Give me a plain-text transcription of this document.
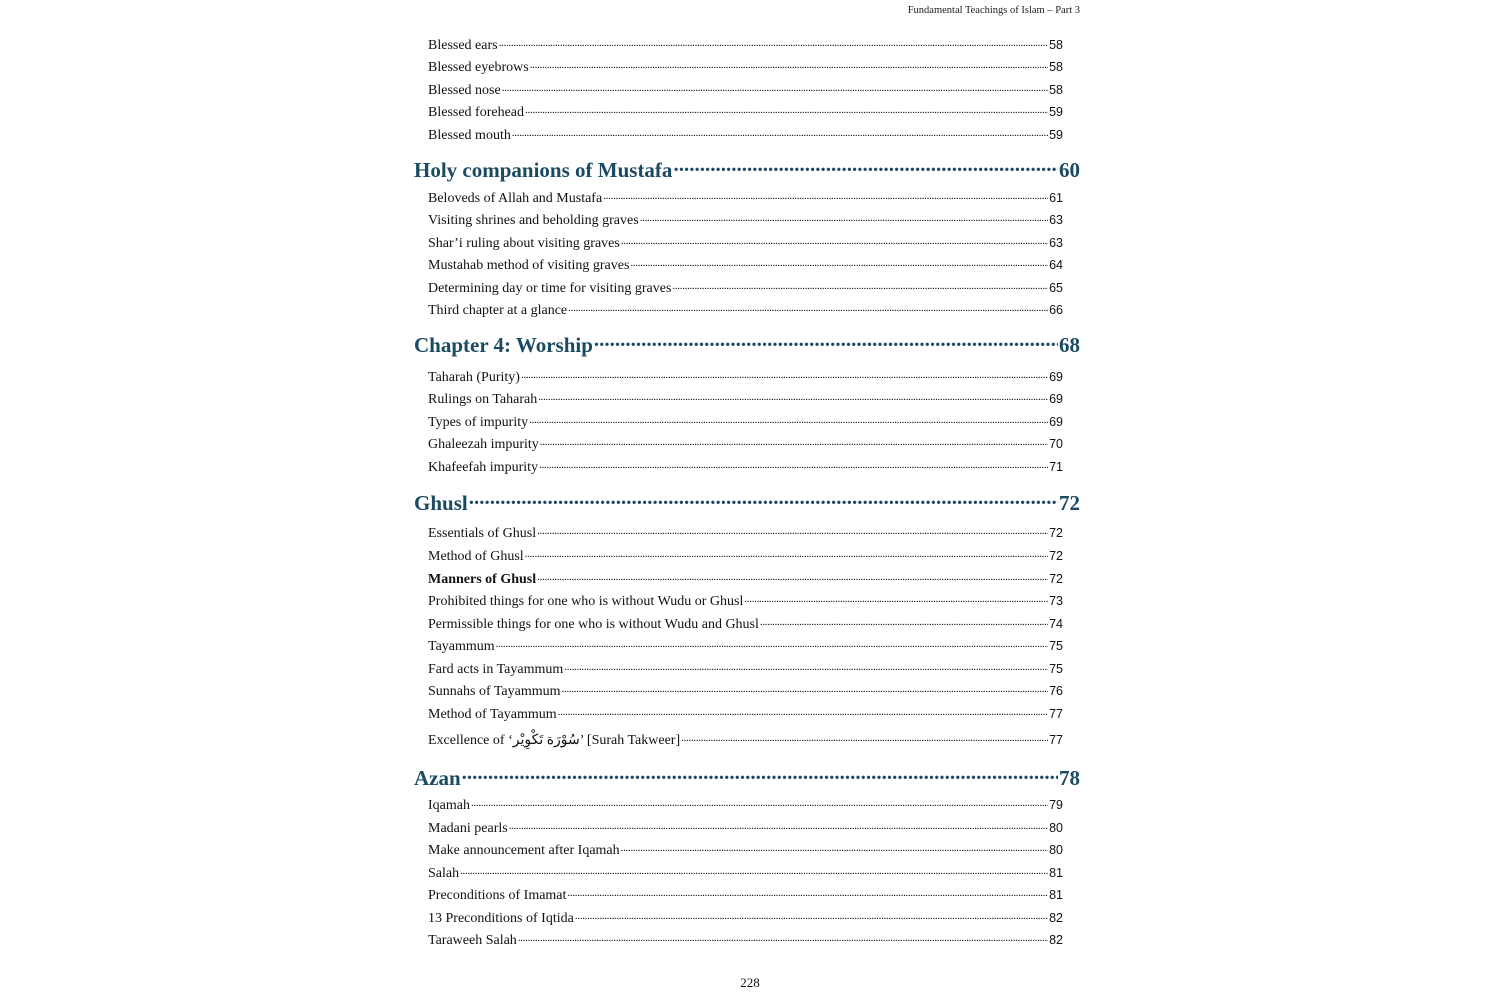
Fundamental Teachings of Islam – Part 3
Blessed ears .....	58
Blessed eyebrows .....	58
Blessed nose .....	58
Blessed forehead .....	59
Blessed mouth .....	59
Holy companions of Mustafa .....	60
Beloveds of Allah and Mustafa .....	61
Visiting shrines and beholding graves .....	63
Shar’i ruling about visiting graves .....	63
Mustahab method of visiting graves .....	64
Determining day or time for visiting graves .....	65
Third chapter at a glance .....	66
Chapter 4: Worship .....	68
Taharah (Purity) .....	69
Rulings on Taharah .....	69
Types of impurity .....	69
Ghaleezah impurity .....	70
Khafeefah impurity .....	71
Ghusl .....	72
Essentials of Ghusl .....	72
Method of Ghusl .....	72
Manners of Ghusl .....	72
Prohibited things for one who is without Wudu or Ghusl .....	73
Permissible things for one who is without Wudu and Ghusl .....	74
Tayammum .....	75
Fard acts in Tayammum .....	75
Sunnahs of Tayammum .....	76
Method of Tayammum .....	77
Excellence of ‘سُوْرَة تَكْوِيْر’ [Surah Takweer] .....	77
Azan .....	78
Iqamah .....	79
Madani pearls .....	80
Make announcement after Iqamah .....	80
Salah .....	81
Preconditions of Imamat .....	81
13 Preconditions of Iqtida .....	82
Taraweeh Salah .....	82
228
